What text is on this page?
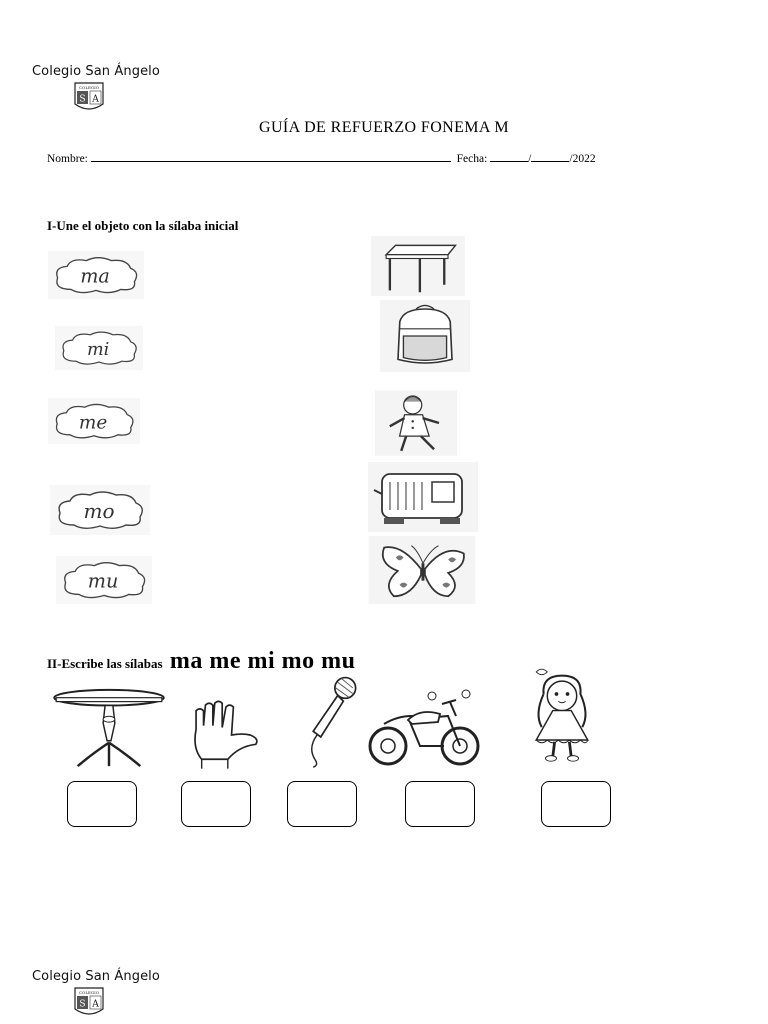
Colegio San Ángelo
COLEGIO
S A
GUÍA DE REFUERZO FONEMA M
Nombre:	Fecha:	/	/2022
I-Une el objeto con la sílaba inicial
ma
mi
me
mo
mu
II-Escribe las sílabas ma me mi mo mu
Colegio San Ángelo
COLEGIO
S A
